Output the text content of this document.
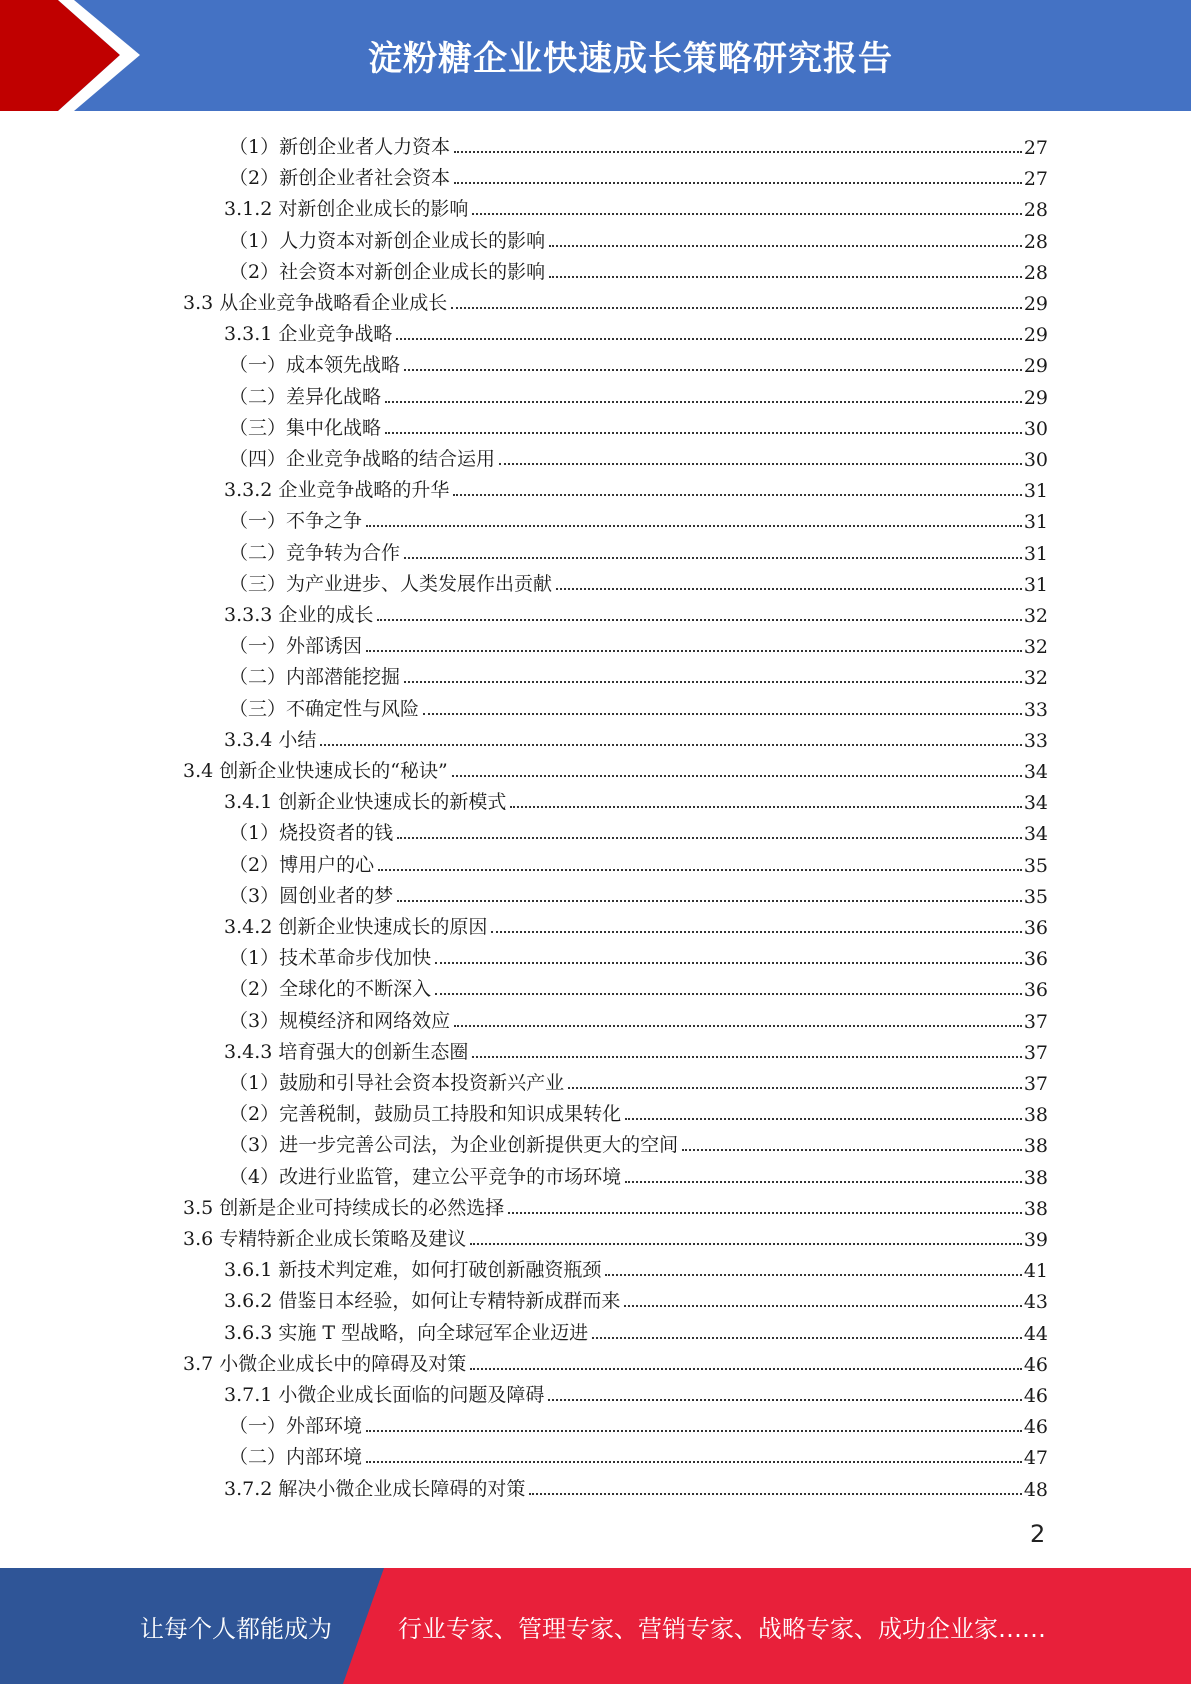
淀粉糖企业快速成长策略研究报告
（1）新创企业者人力资本	27
（2）新创企业者社会资本	27
3.1.2 对新创企业成长的影响	28
（1）人力资本对新创企业成长的影响	28
（2）社会资本对新创企业成长的影响	28
3.3 从企业竞争战略看企业成长	29
3.3.1 企业竞争战略	29
（一）成本领先战略	29
（二）差异化战略	29
（三）集中化战略	30
（四）企业竞争战略的结合运用	30
3.3.2 企业竞争战略的升华	31
（一）不争之争	31
（二）竞争转为合作	31
（三）为产业进步、人类发展作出贡献	31
3.3.3 企业的成长	32
（一）外部诱因	32
（二）内部潜能挖掘	32
（三）不确定性与风险	33
3.3.4 小结	33
3.4 创新企业快速成长的“秘诀”	34
3.4.1 创新企业快速成长的新模式	34
（1）烧投资者的钱	34
（2）博用户的心	35
（3）圆创业者的梦	35
3.4.2 创新企业快速成长的原因	36
（1）技术革命步伐加快	36
（2）全球化的不断深入	36
（3）规模经济和网络效应	37
3.4.3 培育强大的创新生态圈	37
（1）鼓励和引导社会资本投资新兴产业	37
（2）完善税制，鼓励员工持股和知识成果转化	38
（3）进一步完善公司法，为企业创新提供更大的空间	38
（4）改进行业监管，建立公平竞争的市场环境	38
3.5 创新是企业可持续成长的必然选择	38
3.6 专精特新企业成长策略及建议	39
3.6.1 新技术判定难，如何打破创新融资瓶颈	41
3.6.2 借鉴日本经验，如何让专精特新成群而来	43
3.6.3 实施 T 型战略，向全球冠军企业迈进	44
3.7 小微企业成长中的障碍及对策	46
3.7.1 小微企业成长面临的问题及障碍	46
（一）外部环境	46
（二）内部环境	47
3.7.2 解决小微企业成长障碍的对策	48
2
让每个人都能成为	行业专家、管理专家、营销专家、战略专家、成功企业家……
